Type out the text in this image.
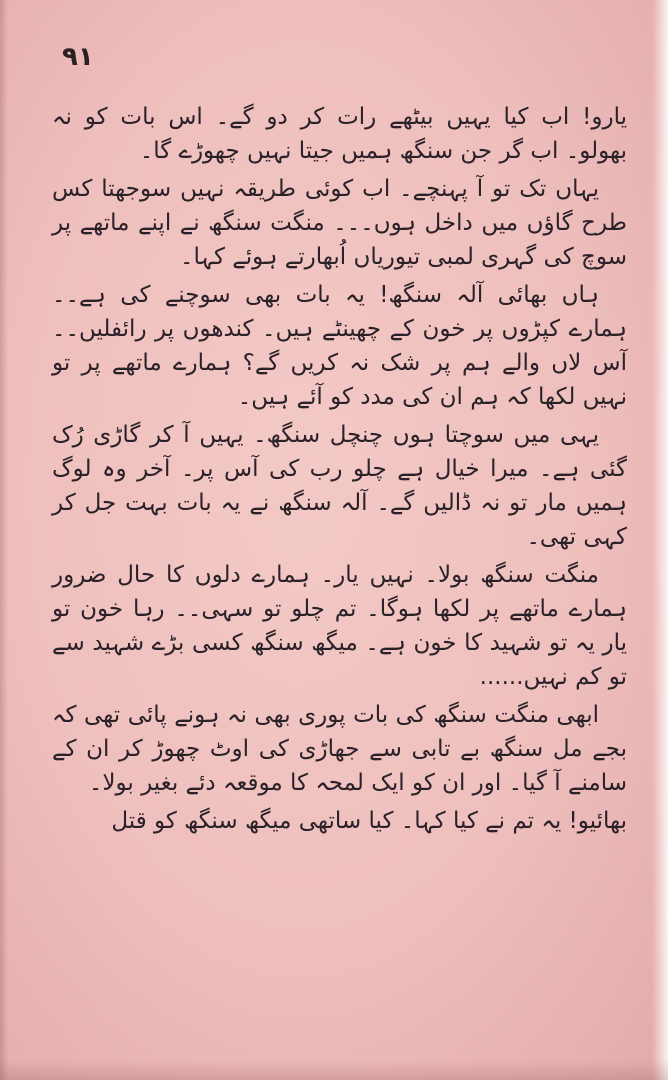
۹۱

یارو! اب کیا یہیں بیٹھے رات کر دو گے۔ اس بات کو نہ بھولو۔ اب گر جن سنگھ ہمیں جیتا نہیں چھوڑے گا۔

یہاں تک تو آ پہنچے۔ اب کوئی طریقہ نہیں سوجھتا کس طرح گاؤں میں داخل ہوں۔۔۔ منگت سنگھ نے اپنے ماتھے پر سوچ کی گہری لمبی تیوریاں اُبھارتے ہوئے کہا۔

ہاں بھائی آلہ سنگھ! یہ بات بھی سوچنے کی ہے۔۔ ہمارے کپڑوں پر خون کے چھینٹے ہیں۔ کندھوں پر رائفلیں۔۔ آس لاں والے ہم پر شک نہ کریں گے؟ ہمارے ماتھے پر تو نہیں لکھا کہ ہم ان کی مدد کو آئے ہیں۔

یہی میں سوچتا ہوں چنچل سنگھ۔ یہیں آ کر گاڑی رُک گئی ہے۔ میرا خیال ہے چلو رب کی آس پر۔ آخر وہ لوگ ہمیں مار تو نہ ڈالیں گے۔ آلہ سنگھ نے یہ بات بہت جل کر کہی تھی۔

منگت سنگھ بولا۔ نہیں یار۔ ہمارے دلوں کا حال ضرور ہمارے ماتھے پر لکھا ہوگا۔ تم چلو تو سہی۔۔ رہا خون تو یار یہ تو شہید کا خون ہے۔ میگھ سنگھ کسی بڑے شہید سے تو کم نہیں......

ابھی منگت سنگھ کی بات پوری بھی نہ ہونے پائی تھی کہ بجے مل سنگھ بے تابی سے جھاڑی کی اوٹ چھوڑ کر ان کے سامنے آ گیا۔ اور ان کو ایک لمحہ کا موقعہ دئے بغیر بولا۔

بھائیو! یہ تم نے کیا کہا۔ کیا ساتھی میگھ سنگھ کو قتل
